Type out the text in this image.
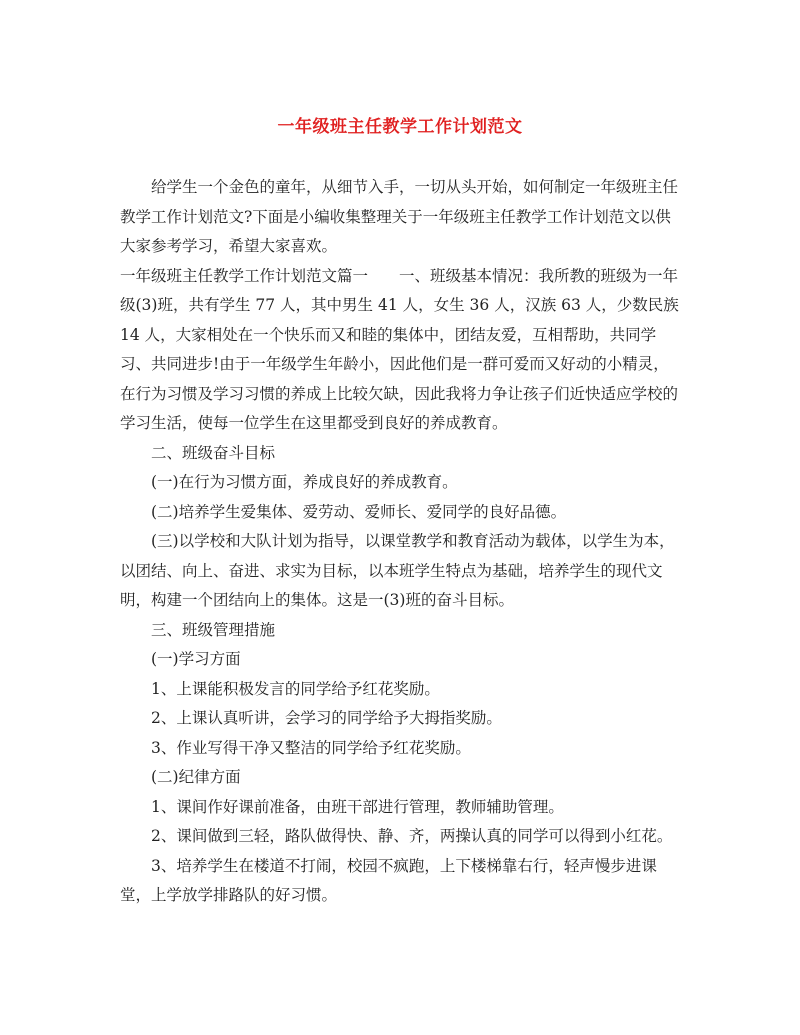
一年级班主任教学工作计划范文

给学生一个金色的童年，从细节入手，一切从头开始，如何制定一年级班主任教学工作计划范文?下面是小编收集整理关于一年级班主任教学工作计划范文以供大家参考学习，希望大家喜欢。

一年级班主任教学工作计划范文篇一　　一、班级基本情况：我所教的班级为一年级(3)班，共有学生 77 人，其中男生 41 人，女生 36 人，汉族 63 人，少数民族 14 人，大家相处在一个快乐而又和睦的集体中，团结友爱，互相帮助，共同学习、共同进步!由于一年级学生年龄小，因此他们是一群可爱而又好动的小精灵，在行为习惯及学习习惯的养成上比较欠缺，因此我将力争让孩子们近快适应学校的学习生活，使每一位学生在这里都受到良好的养成教育。

二、班级奋斗目标

(一)在行为习惯方面，养成良好的养成教育。

(二)培养学生爱集体、爱劳动、爱师长、爱同学的良好品德。

(三)以学校和大队计划为指导，以课堂教学和教育活动为载体，以学生为本，以团结、向上、奋进、求实为目标，以本班学生特点为基础，培养学生的现代文明，构建一个团结向上的集体。这是一(3)班的奋斗目标。

三、班级管理措施

(一)学习方面

1、上课能积极发言的同学给予红花奖励。

2、上课认真听讲，会学习的同学给予大拇指奖励。

3、作业写得干净又整洁的同学给予红花奖励。

(二)纪律方面

1、课间作好课前准备，由班干部进行管理，教师辅助管理。

2、课间做到三轻，路队做得快、静、齐，两操认真的同学可以得到小红花。

3、培养学生在楼道不打闹，校园不疯跑，上下楼梯靠右行，轻声慢步进课堂，上学放学排路队的好习惯。
